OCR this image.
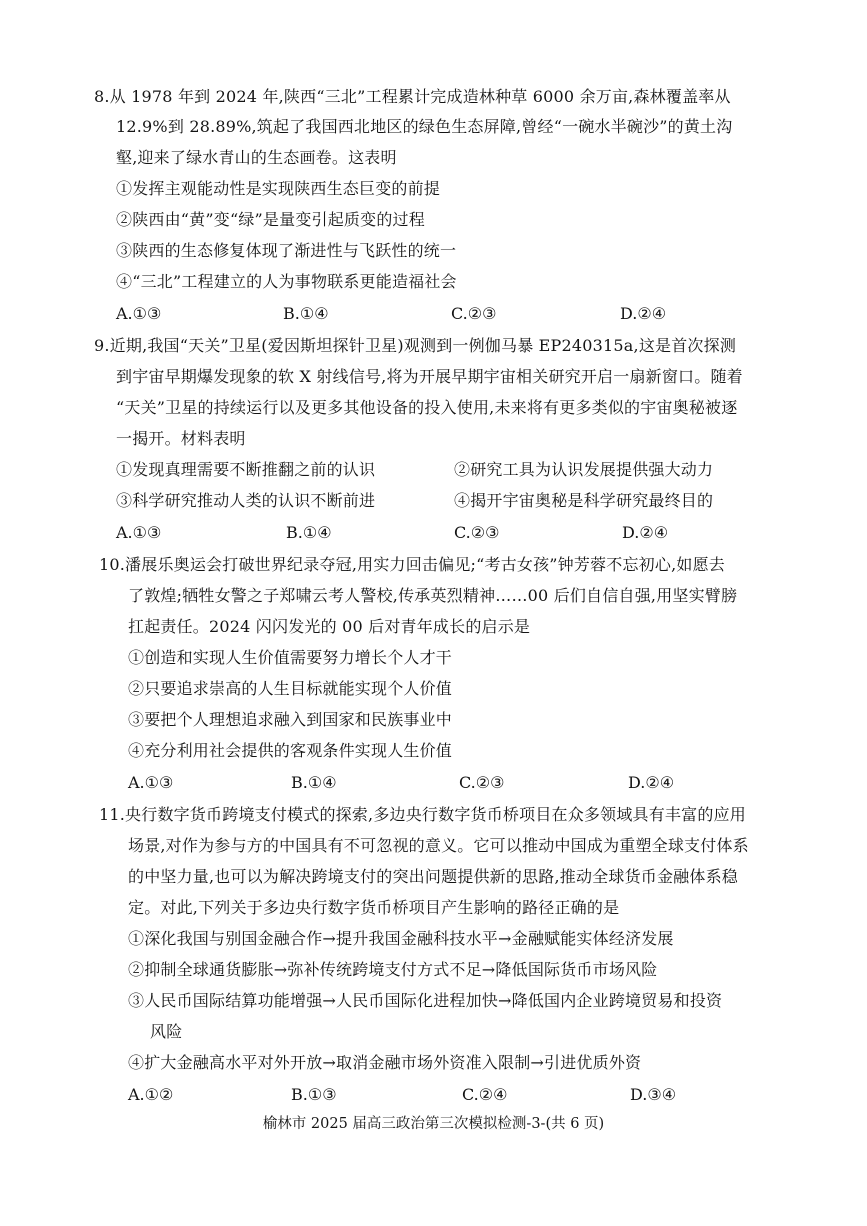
8.从 1978 年到 2024 年,陕西“三北”工程累计完成造林种草 6000 余万亩,森林覆盖率从
12.9%到 28.89%,筑起了我国西北地区的绿色生态屏障,曾经“一碗水半碗沙”的黄土沟
壑,迎来了绿水青山的生态画卷。这表明
①发挥主观能动性是实现陕西生态巨变的前提
②陕西由“黄”变“绿”是量变引起质变的过程
③陕西的生态修复体现了渐进性与飞跃性的统一
④“三北”工程建立的人为事物联系更能造福社会
A.①③	B.①④	C.②③	D.②④
9.近期,我国“天关”卫星(爱因斯坦探针卫星)观测到一例伽马暴 EP240315a,这是首次探测
到宇宙早期爆发现象的软 X 射线信号,将为开展早期宇宙相关研究开启一扇新窗口。随着
“天关”卫星的持续运行以及更多其他设备的投入使用,未来将有更多类似的宇宙奥秘被逐
一揭开。材料表明
①发现真理需要不断推翻之前的认识	②研究工具为认识发展提供强大动力
③科学研究推动人类的认识不断前进	④揭开宇宙奥秘是科学研究最终目的
A.①③	B.①④	C.②③	D.②④
10.潘展乐奥运会打破世界纪录夺冠,用实力回击偏见;“考古女孩”钟芳蓉不忘初心,如愿去
了敦煌;牺牲女警之子郑啸云考人警校,传承英烈精神……00 后们自信自强,用坚实臂膀
扛起责任。2024 闪闪发光的 00 后对青年成长的启示是
①创造和实现人生价值需要努力增长个人才干
②只要追求崇高的人生目标就能实现个人价值
③要把个人理想追求融入到国家和民族事业中
④充分利用社会提供的客观条件实现人生价值
A.①③	B.①④	C.②③	D.②④
11.央行数字货币跨境支付模式的探索,多边央行数字货币桥项目在众多领域具有丰富的应用
场景,对作为参与方的中国具有不可忽视的意义。它可以推动中国成为重塑全球支付体系
的中坚力量,也可以为解决跨境支付的突出问题提供新的思路,推动全球货币金融体系稳
定。对此,下列关于多边央行数字货币桥项目产生影响的路径正确的是
①深化我国与别国金融合作→提升我国金融科技水平→金融赋能实体经济发展
②抑制全球通货膨胀→弥补传统跨境支付方式不足→降低国际货币市场风险
③人民币国际结算功能增强→人民币国际化进程加快→降低国内企业跨境贸易和投资
风险
④扩大金融高水平对外开放→取消金融市场外资准入限制→引进优质外资
A.①②	B.①③	C.②④	D.③④
榆林市 2025 届高三政治第三次模拟检测-3-(共 6 页)
